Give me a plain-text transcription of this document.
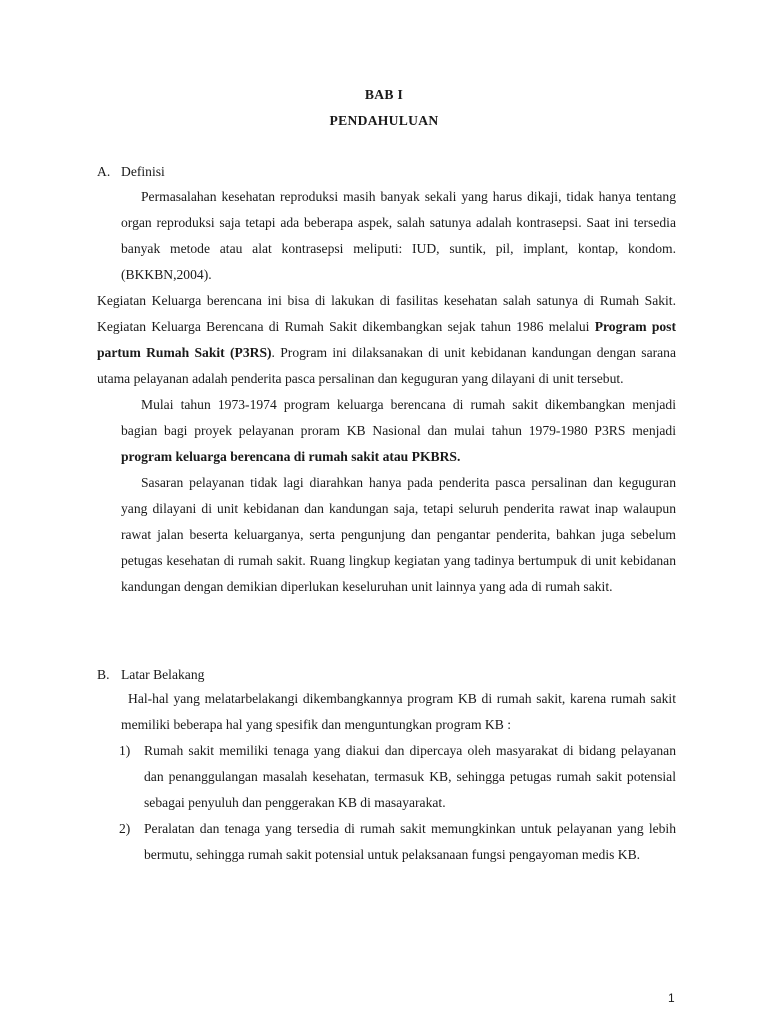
BAB I
PENDAHULUAN
A. Definisi

Permasalahan kesehatan reproduksi masih banyak sekali yang harus dikaji, tidak hanya tentang organ reproduksi saja tetapi ada beberapa aspek, salah satunya adalah kontrasepsi. Saat ini tersedia banyak metode atau alat kontrasepsi meliputi: IUD, suntik, pil, implant, kontap, kondom. (BKKBN,2004).

Kegiatan Keluarga berencana ini bisa di lakukan di fasilitas kesehatan salah satunya di Rumah Sakit. Kegiatan Keluarga Berencana di Rumah Sakit dikembangkan sejak tahun 1986 melalui Program post partum Rumah Sakit (P3RS). Program ini dilaksanakan di unit kebidanan kandungan dengan sarana utama pelayanan adalah penderita pasca persalinan dan keguguran yang dilayani di unit tersebut.

Mulai tahun 1973-1974 program keluarga berencana di rumah sakit dikembangkan menjadi bagian bagi proyek pelayanan proram KB Nasional dan mulai tahun 1979-1980 P3RS menjadi program keluarga berencana di rumah sakit atau PKBRS.

Sasaran pelayanan tidak lagi diarahkan hanya pada penderita pasca persalinan dan keguguran yang dilayani di unit kebidanan dan kandungan saja, tetapi seluruh penderita rawat inap walaupun rawat jalan beserta keluarganya, serta pengunjung dan pengantar penderita, bahkan juga sebelum petugas kesehatan di rumah sakit. Ruang lingkup kegiatan yang tadinya bertumpuk di unit kebidanan kandungan dengan demikian diperlukan keseluruhan unit lainnya yang ada di rumah sakit.

B. Latar Belakang

Hal-hal yang melatarbelakangi dikembangkannya program KB di rumah sakit, karena rumah sakit memiliki beberapa hal yang spesifik dan menguntungkan program KB :

1) Rumah sakit memiliki tenaga yang diakui dan dipercaya oleh masyarakat di bidang pelayanan dan penanggulangan masalah kesehatan, termasuk KB, sehingga petugas rumah sakit potensial sebagai penyuluh dan penggerakan KB di masayarakat.
2) Peralatan dan tenaga yang tersedia di rumah sakit memungkinkan untuk pelayanan yang lebih bermutu, sehingga rumah sakit potensial untuk pelaksanaan fungsi pengayoman medis KB.
1
